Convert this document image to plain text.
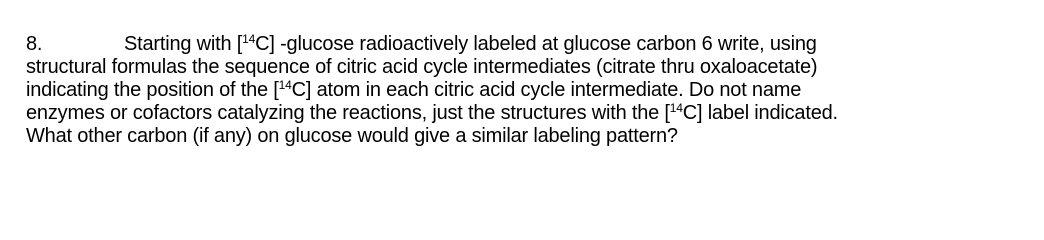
8.	Starting with [$^{14}$C] -glucose radioactively labeled at glucose carbon 6 write, using
structural formulas the sequence of citric acid cycle intermediates (citrate thru oxaloacetate)
indicating the position of the [$^{14}$C] atom in each citric acid cycle intermediate. Do not name
enzymes or cofactors catalyzing the reactions, just the structures with the [$^{14}$C] label indicated.
What other carbon (if any) on glucose would give a similar labeling pattern?
